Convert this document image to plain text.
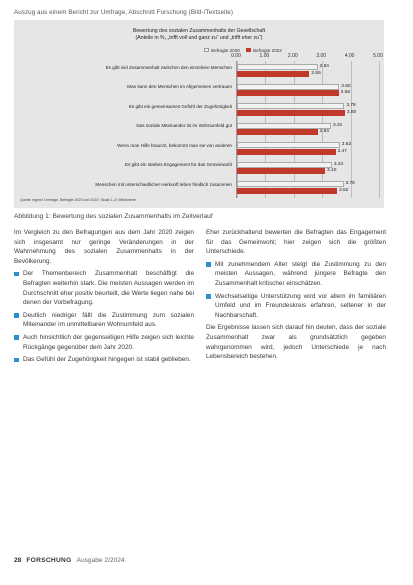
Auszug aus einem Bericht zur Umfrage, Abschnitt Forschung (Bild-/Textseite)
Bewertung des sozialen Zusammenhalts der Gesellschaft
(Anteile in %, „trifft voll und ganz zu“ und „trifft eher zu“)
Befragte 2020	Befragte 2022
0.00	1.00	2.00	3.00	4.00	5.00
Es gibt viel Zusammenhalt zwischen den einzelnen Menschen
Man kann den Menschen im Allgemeinen vertrauen
Es gibt ein gemeinsames Gefühl der Zugehörigkeit
Das soziale Miteinander ist im Wohnumfeld gut
Wenn man Hilfe braucht, bekommt man sie von anderen
Es gibt ein starkes Engagement für das Gemeinwohl
Menschen mit unterschiedlicher Herkunft leben friedlich zusammen
2.84
2.55
3.60
3.58
3.78
3.80
3.31
2.84
3.62
3.47
3.34
3.10
3.75
3.52
Quelle: eigene Umfrage, Befragte 2020 und 2022; Skala 1–5; Mittelwerte.
Abbildung 1: Bewertung des sozialen Zusammenhalts im Zeitverlauf

Im Vergleich zu den Befragungen aus dem Jahr 2020 zeigen sich insgesamt nur geringe Veränderungen in der Wahrnehmung des sozialen Zusammenhalts in der Bevölkerung.

Der Themenbereich Zusammenhalt beschäftigt die Befragten weiterhin stark. Die meisten Aussagen werden im Durchschnitt eher positiv beurteilt, die Werte liegen nahe bei denen der Vorbefragung.

Deutlich niedriger fällt die Zustimmung zum sozialen Miteinander im unmittelbaren Wohnumfeld aus.

Auch hinsichtlich der gegenseitigen Hilfe zeigen sich leichte Rückgänge gegenüber dem Jahr 2020.

Das Gefühl der Zugehörigkeit hingegen ist stabil geblieben.

Eher zurückhaltend bewerten die Befragten das Engagement für das Gemeinwohl; hier zeigen sich die größten Unterschiede.

Mit zunehmendem Alter steigt die Zustimmung zu den meisten Aussagen, während jüngere Befragte den Zusammenhalt kritischer einschätzen.

Wechselseitige Unterstützung wird vor allem im familiären Umfeld und im Freundeskreis erfahren, seltener in der Nachbarschaft.

Die Ergebnisse lassen sich darauf hin deuten, dass der soziale Zusammenhalt zwar als grundsätzlich gegeben wahrgenommen wird, jedoch Unterschiede je nach Lebensbereich bestehen.

28 FORSCHUNG Ausgabe 2/2024
